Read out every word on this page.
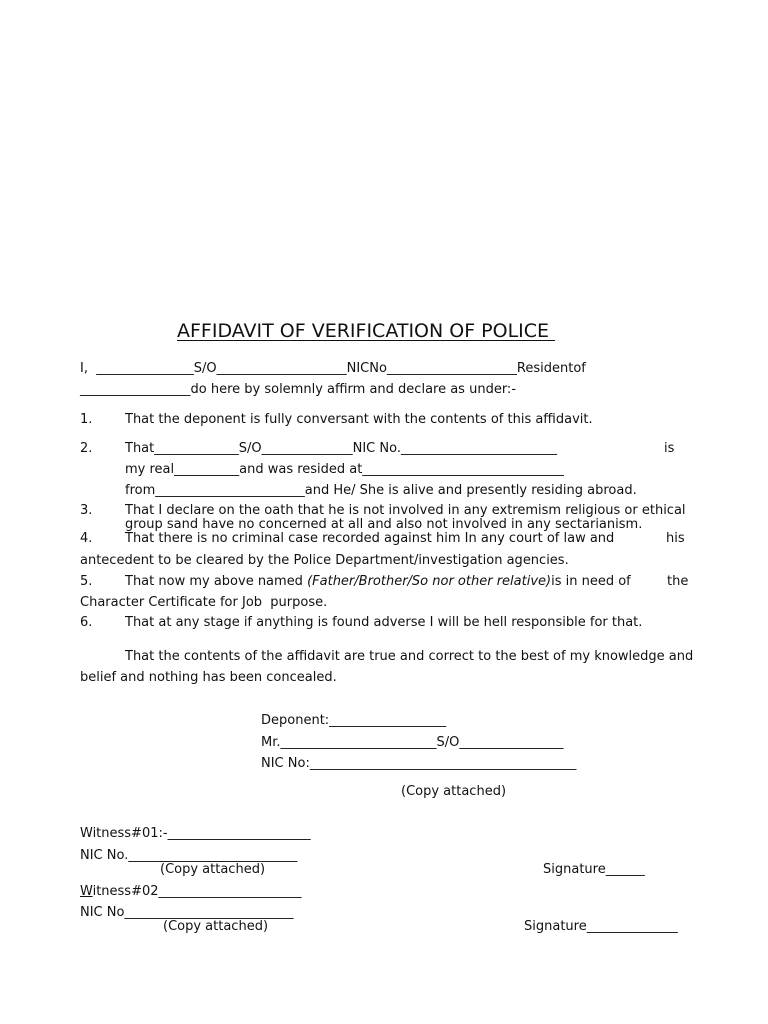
AFFIDAVIT OF VERIFICATION OF POLICE
I,  _______________S/O____________________NICNo____________________Residentof
_________________do here by solemnly affirm and declare as under:-
1.	That the deponent is fully conversant with the contents of this affidavit.
2.	That_____________S/O______________NIC No.________________________	is
my real__________and was resided at_______________________________
from_______________________and He/ She is alive and presently residing abroad.
3.	That I declare on the oath that he is not involved in any extremism religious or ethical
group sand have no concerned at all and also not involved in any sectarianism.
4.	That there is no criminal case recorded against him In any court of law and	his
antecedent to be cleared by the Police Department/investigation agencies.
5.	That now my above named (Father/Brother/So nor other relative)is in need of	the
Character Certificate for Job  purpose.
6.	That at any stage if anything is found adverse I will be hell responsible for that.
That the contents of the affidavit are true and correct to the best of my knowledge and
belief and nothing has been concealed.
Deponent:__________________
Mr.________________________S/O________________
NIC No:_________________________________________
(Copy attached)
Witness#01:-______________________
NIC No.__________________________
(Copy attached)	Signature______
Witness#02______________________
NIC No__________________________
(Copy attached)	Signature______________
